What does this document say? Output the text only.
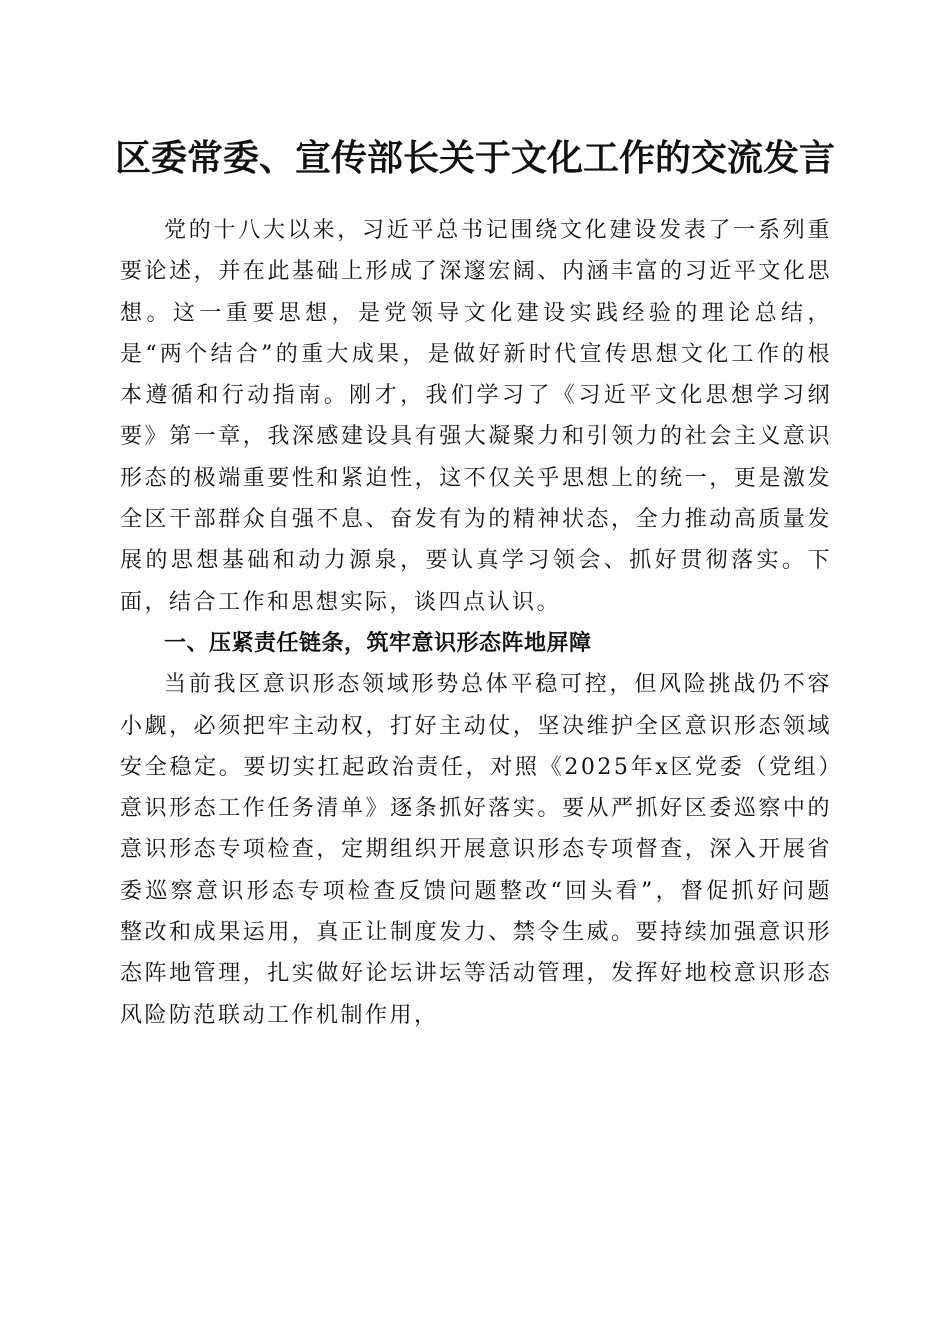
区委常委、宣传部长关于文化工作的交流发言

党的十八大以来，习近平总书记围绕文化建设发表了一系列重要论述，并在此基础上形成了深邃宏阔、内涵丰富的习近平文化思想。这一重要思想，是党领导文化建设实践经验的理论总结，是“两个结合”的重大成果，是做好新时代宣传思想文化工作的根本遵循和行动指南。刚才，我们学习了《习近平文化思想学习纲要》第一章，我深感建设具有强大凝聚力和引领力的社会主义意识形态的极端重要性和紧迫性，这不仅关乎思想上的统一，更是激发全区干部群众自强不息、奋发有为的精神状态，全力推动高质量发展的思想基础和动力源泉，要认真学习领会、抓好贯彻落实。下面，结合工作和思想实际，谈四点认识。

一、压紧责任链条，筑牢意识形态阵地屏障

当前我区意识形态领域形势总体平稳可控，但风险挑战仍不容小觑，必须把牢主动权，打好主动仗，坚决维护全区意识形态领域安全稳定。要切实扛起政治责任，对照《2025年x区党委（党组）意识形态工作任务清单》逐条抓好落实。要从严抓好区委巡察中的意识形态专项检查，定期组织开展意识形态专项督查，深入开展省委巡察意识形态专项检查反馈问题整改“回头看”，督促抓好问题整改和成果运用，真正让制度发力、禁令生威。要持续加强意识形态阵地管理，扎实做好论坛讲坛等活动管理，发挥好地校意识形态风险防范联动工作机制作用，
